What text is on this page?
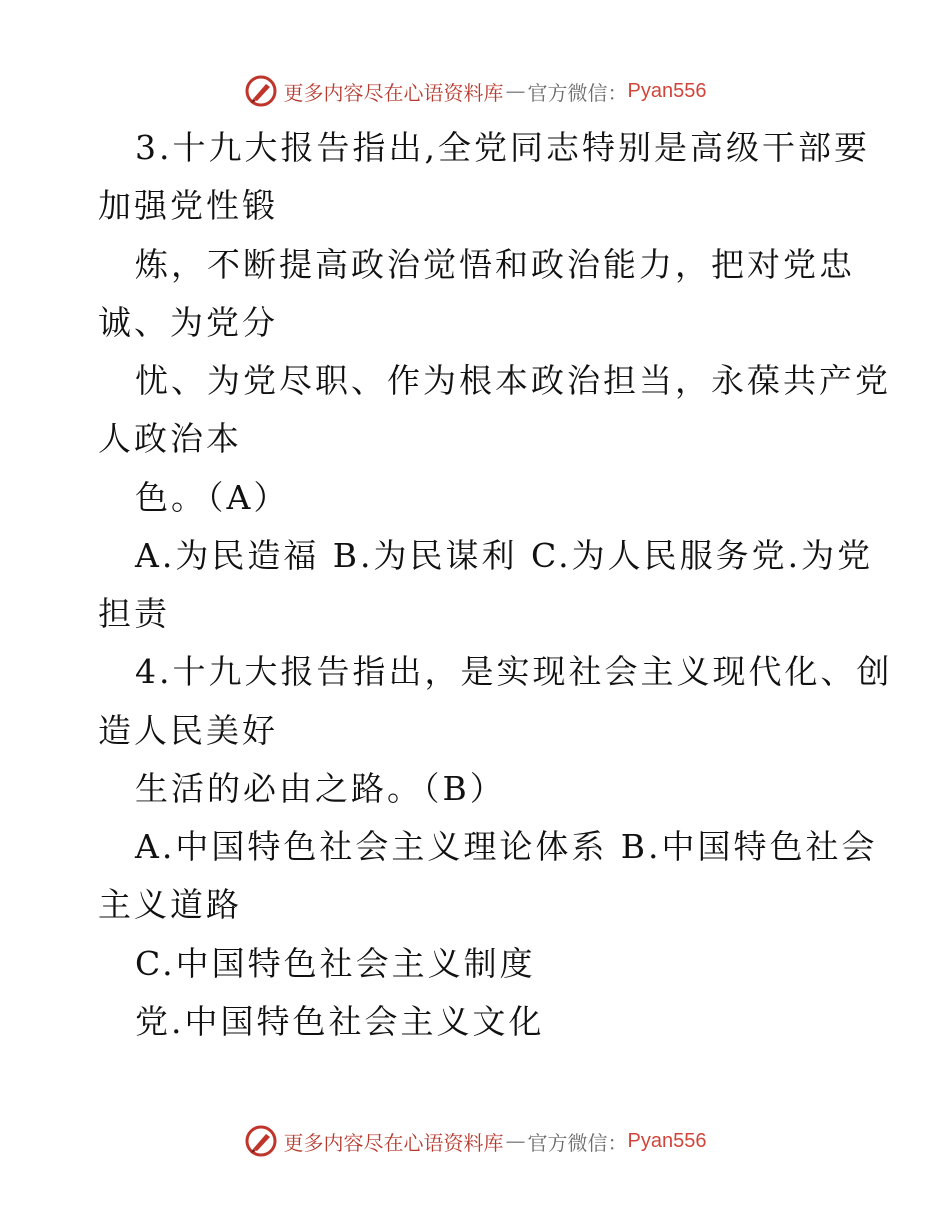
更多内容尽在心语资料库 — 官方微信： Pyan556
3.十九大报告指出,全党同志特别是高级干部要
加强党性锻
炼，不断提高政治觉悟和政治能力，把对党忠
诚、为党分
忧、为党尽职、作为根本政治担当，永葆共产党
人政治本
色。（A）
A.为民造福 B.为民谋利 C.为人民服务党.为党
担责
4.十九大报告指出，是实现社会主义现代化、创
造人民美好
生活的必由之路。（B）
A.中国特色社会主义理论体系 B.中国特色社会
主义道路
C.中国特色社会主义制度
党.中国特色社会主义文化
更多内容尽在心语资料库 — 官方微信： Pyan556
